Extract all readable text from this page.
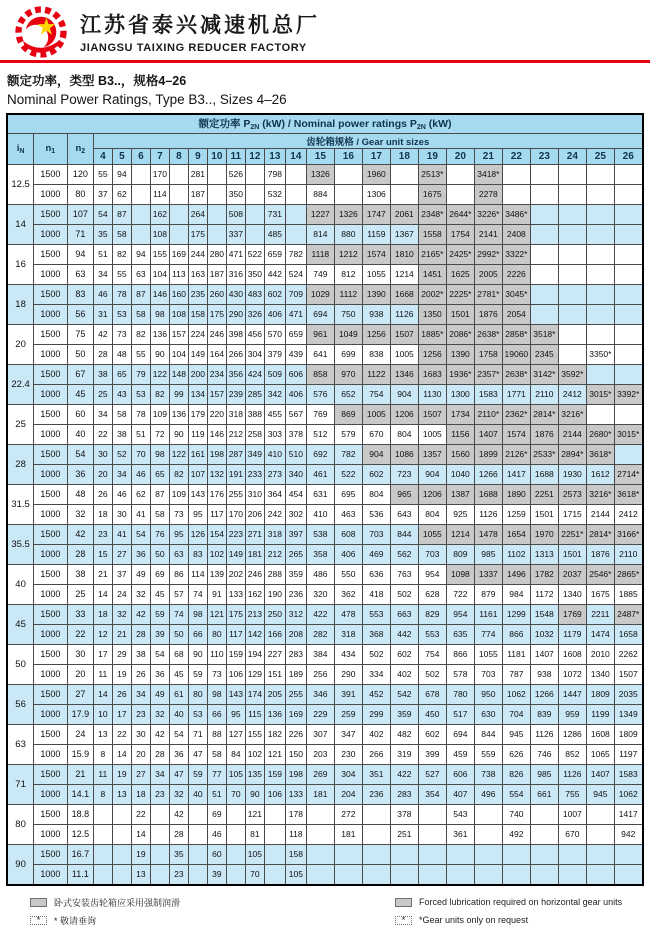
江苏省泰兴减速机总厂
JIANGSU TAIXING REDUCER FACTORY
额定功率，类型 B3..，规格4–26
Nominal Power Ratings, Type B3.., Sizes 4–26
额定功率 P2N (kW) / Nominal power ratings P2N (kW)																									
$i_N$	$n_1$	$n_2$	齿轮箱规格 / Gear unit sizes																						
			4	5	6	7	8	9	10	11	12	13	14	15	16	17	18	19	20	21	22	23	24	25	26
12.5	1500	120	55	94		170		281		526		798		1326		1960		2513*		3418*					
	1000	80	37	62		114		187		350		532		884		1306		1675		2278					
14	1500	107	54	87		162		264		508		731		1227	1326	1747	2061	2348*	2644*	3226*	3486*				
	1000	71	35	58		108		175		337		485		814	880	1159	1367	1558	1754	2141	2408				
16	1500	94	51	82	94	155	169	244	280	471	522	659	782	1118	1212	1574	1810	2165*	2425*	2992*	3322*				
	1000	63	34	55	63	104	113	163	187	316	350	442	524	749	812	1055	1214	1451	1625	2005	2226				
18	1500	83	46	78	87	146	160	235	260	430	483	602	709	1029	1112	1390	1668	2002*	2225*	2781*	3045*				
	1000	56	31	53	58	98	108	158	175	290	326	406	471	694	750	938	1126	1350	1501	1876	2054				
20	1500	75	42	73	82	136	157	224	246	398	456	570	659	961	1049	1256	1507	1885*	2086*	2638*	2858*	3518*			
	1000	50	28	48	55	90	104	149	164	266	304	379	439	641	699	838	1005	1256	1390	1758	19060	2345		3350*	
22.4	1500	67	38	65	79	122	148	200	234	356	424	509	606	858	970	1122	1346	1683	1936*	2357*	2638*	3142*	3592*		
	1000	45	25	43	53	82	99	134	157	239	285	342	406	576	652	754	904	1130	1300	1583	1771	2110	2412	3015*	3392*
25	1500	60	34	58	78	109	136	179	220	318	388	455	567	769	869	1005	1206	1507	1734	2110*	2362*	2814*	3216*		
	1000	40	22	38	51	72	90	119	146	212	258	303	378	512	579	670	804	1005	1156	1407	1574	1876	2144	2680*	3015*
28	1500	54	30	52	70	98	122	161	198	287	349	410	510	692	782	904	1086	1357	1560	1899	2126*	2533*	2894*	3618*	
	1000	36	20	34	46	65	82	107	132	191	233	273	340	461	522	602	723	904	1040	1266	1417	1688	1930	1612	2714*
31.5	1500	48	26	46	62	87	109	143	176	255	310	364	454	631	695	804	965	1206	1387	1688	1890	2251	2573	3216*	3618*
	1000	32	18	30	41	58	73	95	117	170	206	242	302	410	463	536	643	804	925	1126	1259	1501	1715	2144	2412
35.5	1500	42	23	41	54	76	95	126	154	223	271	318	397	538	608	703	844	1055	1214	1478	1654	1970	2251*	2814*	3166*
	1000	28	15	27	36	50	63	83	102	149	181	212	265	358	406	469	562	703	809	985	1102	1313	1501	1876	2110
40	1500	38	21	37	49	69	86	114	139	202	246	288	359	486	550	636	763	954	1098	1337	1496	1782	2037	2546*	2865*
	1000	25	14	24	32	45	57	74	91	133	162	190	236	320	362	418	502	628	722	879	984	1172	1340	1675	1885
45	1500	33	18	32	42	59	74	98	121	175	213	250	312	422	478	553	663	829	954	1161	1299	1548	1769	2211	2487*
	1000	22	12	21	28	39	50	66	80	117	142	166	208	282	318	368	442	553	635	774	866	1032	1179	1474	1658
50	1500	30	17	29	38	54	68	90	110	159	194	227	283	384	434	502	602	754	866	1055	1181	1407	1608	2010	2262
	1000	20	11	19	26	36	45	59	73	106	129	151	189	256	290	334	402	502	578	703	787	938	1072	1340	1507
56	1500	27	14	26	34	49	61	80	98	143	174	205	255	346	391	452	542	678	780	950	1062	1266	1447	1809	2035
	1000	17.9	10	17	23	32	40	53	66	95	115	136	169	229	259	299	359	450	517	630	704	839	959	1199	1349
63	1500	24	13	22	30	42	54	71	88	127	155	182	226	307	347	402	482	602	694	844	945	1126	1286	1608	1809
	1000	15.9	8	14	20	28	36	47	58	84	102	121	150	203	230	266	319	399	459	559	626	746	852	1065	1197
71	1500	21	11	19	27	34	47	59	77	105	135	159	198	269	304	351	422	527	606	738	826	985	1126	1407	1583
	1000	14.1	8	13	18	23	32	40	51	70	90	106	133	181	204	236	283	354	407	496	554	661	755	945	1062
80	1500	18.8			22		42		69		121		178		272		378		543		740		1007		1417
	1000	12.5			14		28		46		81		118		181		251		361		492		670		942
90	1500	16.7			19		35		60		105		158												
	1000	11.1			13		23		39		70		105												
卧式安装齿轮箱应采用强制润滑	Forced lubrication required on horizontal gear units
*	* 敬请垂询	*	*Gear units only on request
